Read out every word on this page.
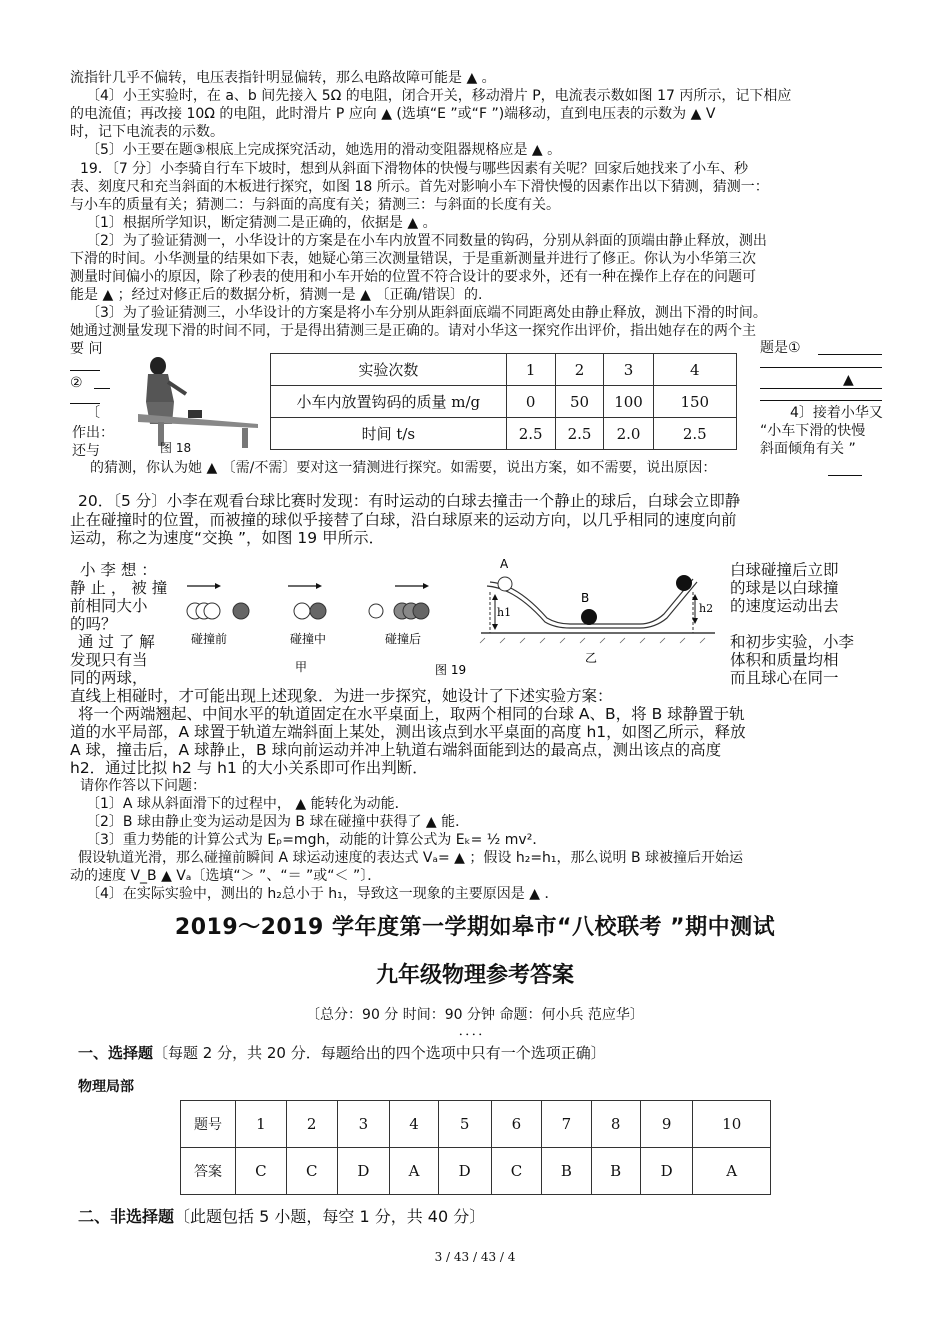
流指针几乎不偏转，电压表指针明显偏转，那么电路故障可能是 ▲ 。
〔4〕小王实验时，在 a、b 间先接入 5Ω 的电阻，闭合开关，移动滑片 P，电流表示数如图 17 丙所示，记下相应
的电流值；再改接 10Ω 的电阻，此时滑片 P 应向 ▲ (选填“E ”或“F ”)端移动，直到电压表的示数为 ▲ V
时，记下电流表的示数。
〔5〕小王要在题③根底上完成探究活动，她选用的滑动变阻器规格应是 ▲ 。
19．〔7 分〕小李骑自行车下坡时，想到从斜面下滑物体的快慢与哪些因素有关呢？回家后她找来了小车、秒
表、刻度尺和充当斜面的木板进行探究，如图 18 所示。首先对影响小车下滑快慢的因素作出以下猜测，猜测一：
与小车的质量有关；猜测二：与斜面的高度有关；猜测三：与斜面的长度有关。
〔1〕根据所学知识，断定猜测二是正确的，依据是 ▲ 。
〔2〕为了验证猜测一，小华设计的方案是在小车内放置不同数量的钩码，分别从斜面的顶端由静止释放，测出
下滑的时间。小华测量的结果如下表，她疑心第三次测量错误，于是重新测量并进行了修正。你认为小华第三次
测量时间偏小的原因，除了秒表的使用和小车开始的位置不符合设计的要求外，还有一种在操作上存在的问题可
能是 ▲ ；经过对修正后的数据分析，猜测一是 ▲ 〔正确/错误〕的.
〔3〕为了验证猜测三，小华设计的方案是将小车分别从距斜面底端不同距离处由静止释放，测出下滑的时间。
她通过测量发现下滑的时间不同，于是得出猜测三是正确的。请对小华这一探究作出评价，指出她存在的两个主
要 问	题是①
▲
4〕接着小华又
“小车下滑的快慢
斜面倾角有关 ”
②
〔
作出：
还与	图 18
实验次数	1	2	3	4
小车内放置钩码的质量 m/g	0	50	100	150
时间 t/s	2.5	2.5	2.0	2.5
的猜测，你认为她 ▲ 〔需/不需〕要对这一猜测进行探究。如需要，说出方案，如不需要，说出原因：
20．〔5 分〕小李在观看台球比赛时发现：有时运动的白球去撞击一个静止的球后，白球会立即静
止在碰撞时的位置，而被撞的球似乎接替了白球，沿白球原来的运动方向，以几乎相同的速度向前
运动，称之为速度“交换 ”，如图 19 甲所示．
小 李 想 ：
静 止 ， 被 撞
前相同大小
的吗？
通 过 了 解
发现只有当
同的两球，
白球碰撞后立即
的球是以白球撞
的速度运动出去
和初步实验，小李
体积和质量均相
而且球心在同一
碰撞前	碰撞中	碰撞后
甲	图 19
A
B
h1	h2
乙
直线上相碰时，才可能出现上述现象．为进一步探究，她设计了下述实验方案：
将一个两端翘起、中间水平的轨道固定在水平桌面上，取两个相同的台球 A、B，将 B 球静置于轨
道的水平局部，A 球置于轨道左端斜面上某处，测出该点到水平桌面的高度 h1，如图乙所示，释放
A 球，撞击后，A 球静止，B 球向前运动并冲上轨道右端斜面能到达的最高点，测出该点的高度
h2．通过比拟 h2 与 h1 的大小关系即可作出判断．
请你作答以下问题：
〔1〕A 球从斜面滑下的过程中， ▲ 能转化为动能．
〔2〕B 球由静止变为运动是因为 B 球在碰撞中获得了 ▲ 能．
〔3〕重力势能的计算公式为 Eₚ=mgh，动能的计算公式为 Eₖ= ½ mv²．
假设轨道光滑，那么碰撞前瞬间 A 球运动速度的表达式 Vₐ= ▲ ；假设 h₂=h₁，那么说明 B 球被撞后开始运
动的速度 V_B ▲ Vₐ〔选填“＞ ”、“＝ ”或“＜ ”〕．
〔4〕在实际实验中，测出的 h₂总小于 h₁，导致这一现象的主要原因是 ▲ ．
2019～2019 学年度第一学期如皋市“八校联考 ”期中测试
九年级物理参考答案
〔总分：90 分 时间：90 分钟 命题：何小兵 范应华〕
．．．．
一、选择题〔每题 2 分，共 20 分．每题给出的四个选项中只有一个选项正确〕
物理局部
题号	1	2	3	4	5	6	7	8	9	10
答案	C	C	D	A	D	C	B	B	D	A
二、非选择题〔此题包括 5 小题，每空 1 分，共 40 分〕
3 / 43 / 43 / 4
